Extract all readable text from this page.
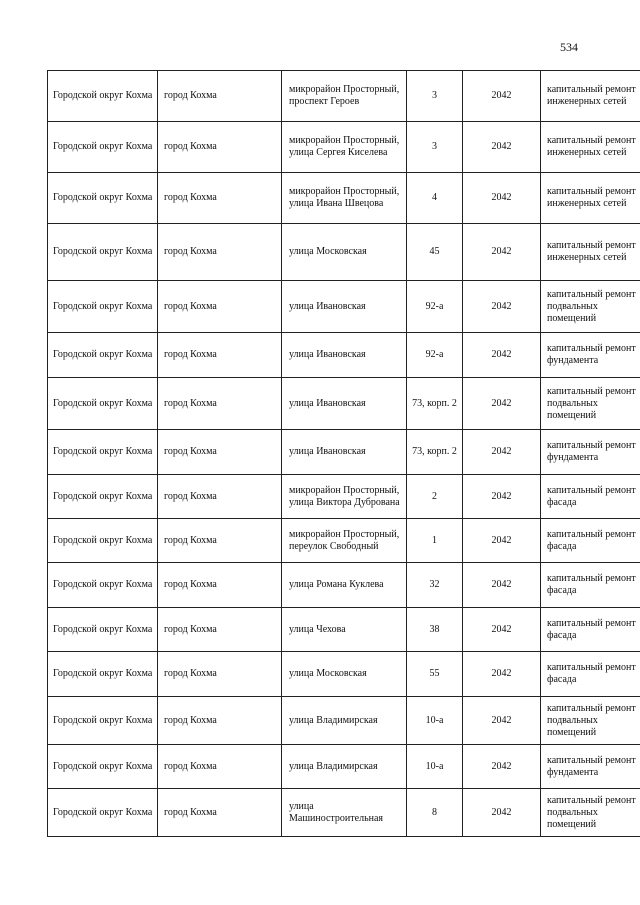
534
Городской округ Кохма	город Кохма	микрорайон Просторный, проспект Героев	3	2042	капитальный ремонт инженерных сетей
Городской округ Кохма	город Кохма	микрорайон Просторный, улица Сергея Киселева	3	2042	капитальный ремонт инженерных сетей
Городской округ Кохма	город Кохма	микрорайон Просторный, улица Ивана Швецова	4	2042	капитальный ремонт инженерных сетей
Городской округ Кохма	город Кохма	улица Московская	45	2042	капитальный ремонт инженерных сетей
Городской округ Кохма	город Кохма	улица Ивановская	92-а	2042	капитальный ремонт подвальных помещений
Городской округ Кохма	город Кохма	улица Ивановская	92-а	2042	капитальный ремонт фундамента
Городской округ Кохма	город Кохма	улица Ивановская	73, корп. 2	2042	капитальный ремонт подвальных помещений
Городской округ Кохма	город Кохма	улица Ивановская	73, корп. 2	2042	капитальный ремонт фундамента
Городской округ Кохма	город Кохма	микрорайон Просторный, улица Виктора Дубрована	2	2042	капитальный ремонт фасада
Городской округ Кохма	город Кохма	микрорайон Просторный, переулок Свободный	1	2042	капитальный ремонт фасада
Городской округ Кохма	город Кохма	улица Романа Куклева	32	2042	капитальный ремонт фасада
Городской округ Кохма	город Кохма	улица Чехова	38	2042	капитальный ремонт фасада
Городской округ Кохма	город Кохма	улица Московская	55	2042	капитальный ремонт фасада
Городской округ Кохма	город Кохма	улица Владимирская	10-а	2042	капитальный ремонт подвальных помещений
Городской округ Кохма	город Кохма	улица Владимирская	10-а	2042	капитальный ремонт фундамента
Городской округ Кохма	город Кохма	улица Машиностроительная	8	2042	капитальный ремонт подвальных помещений
